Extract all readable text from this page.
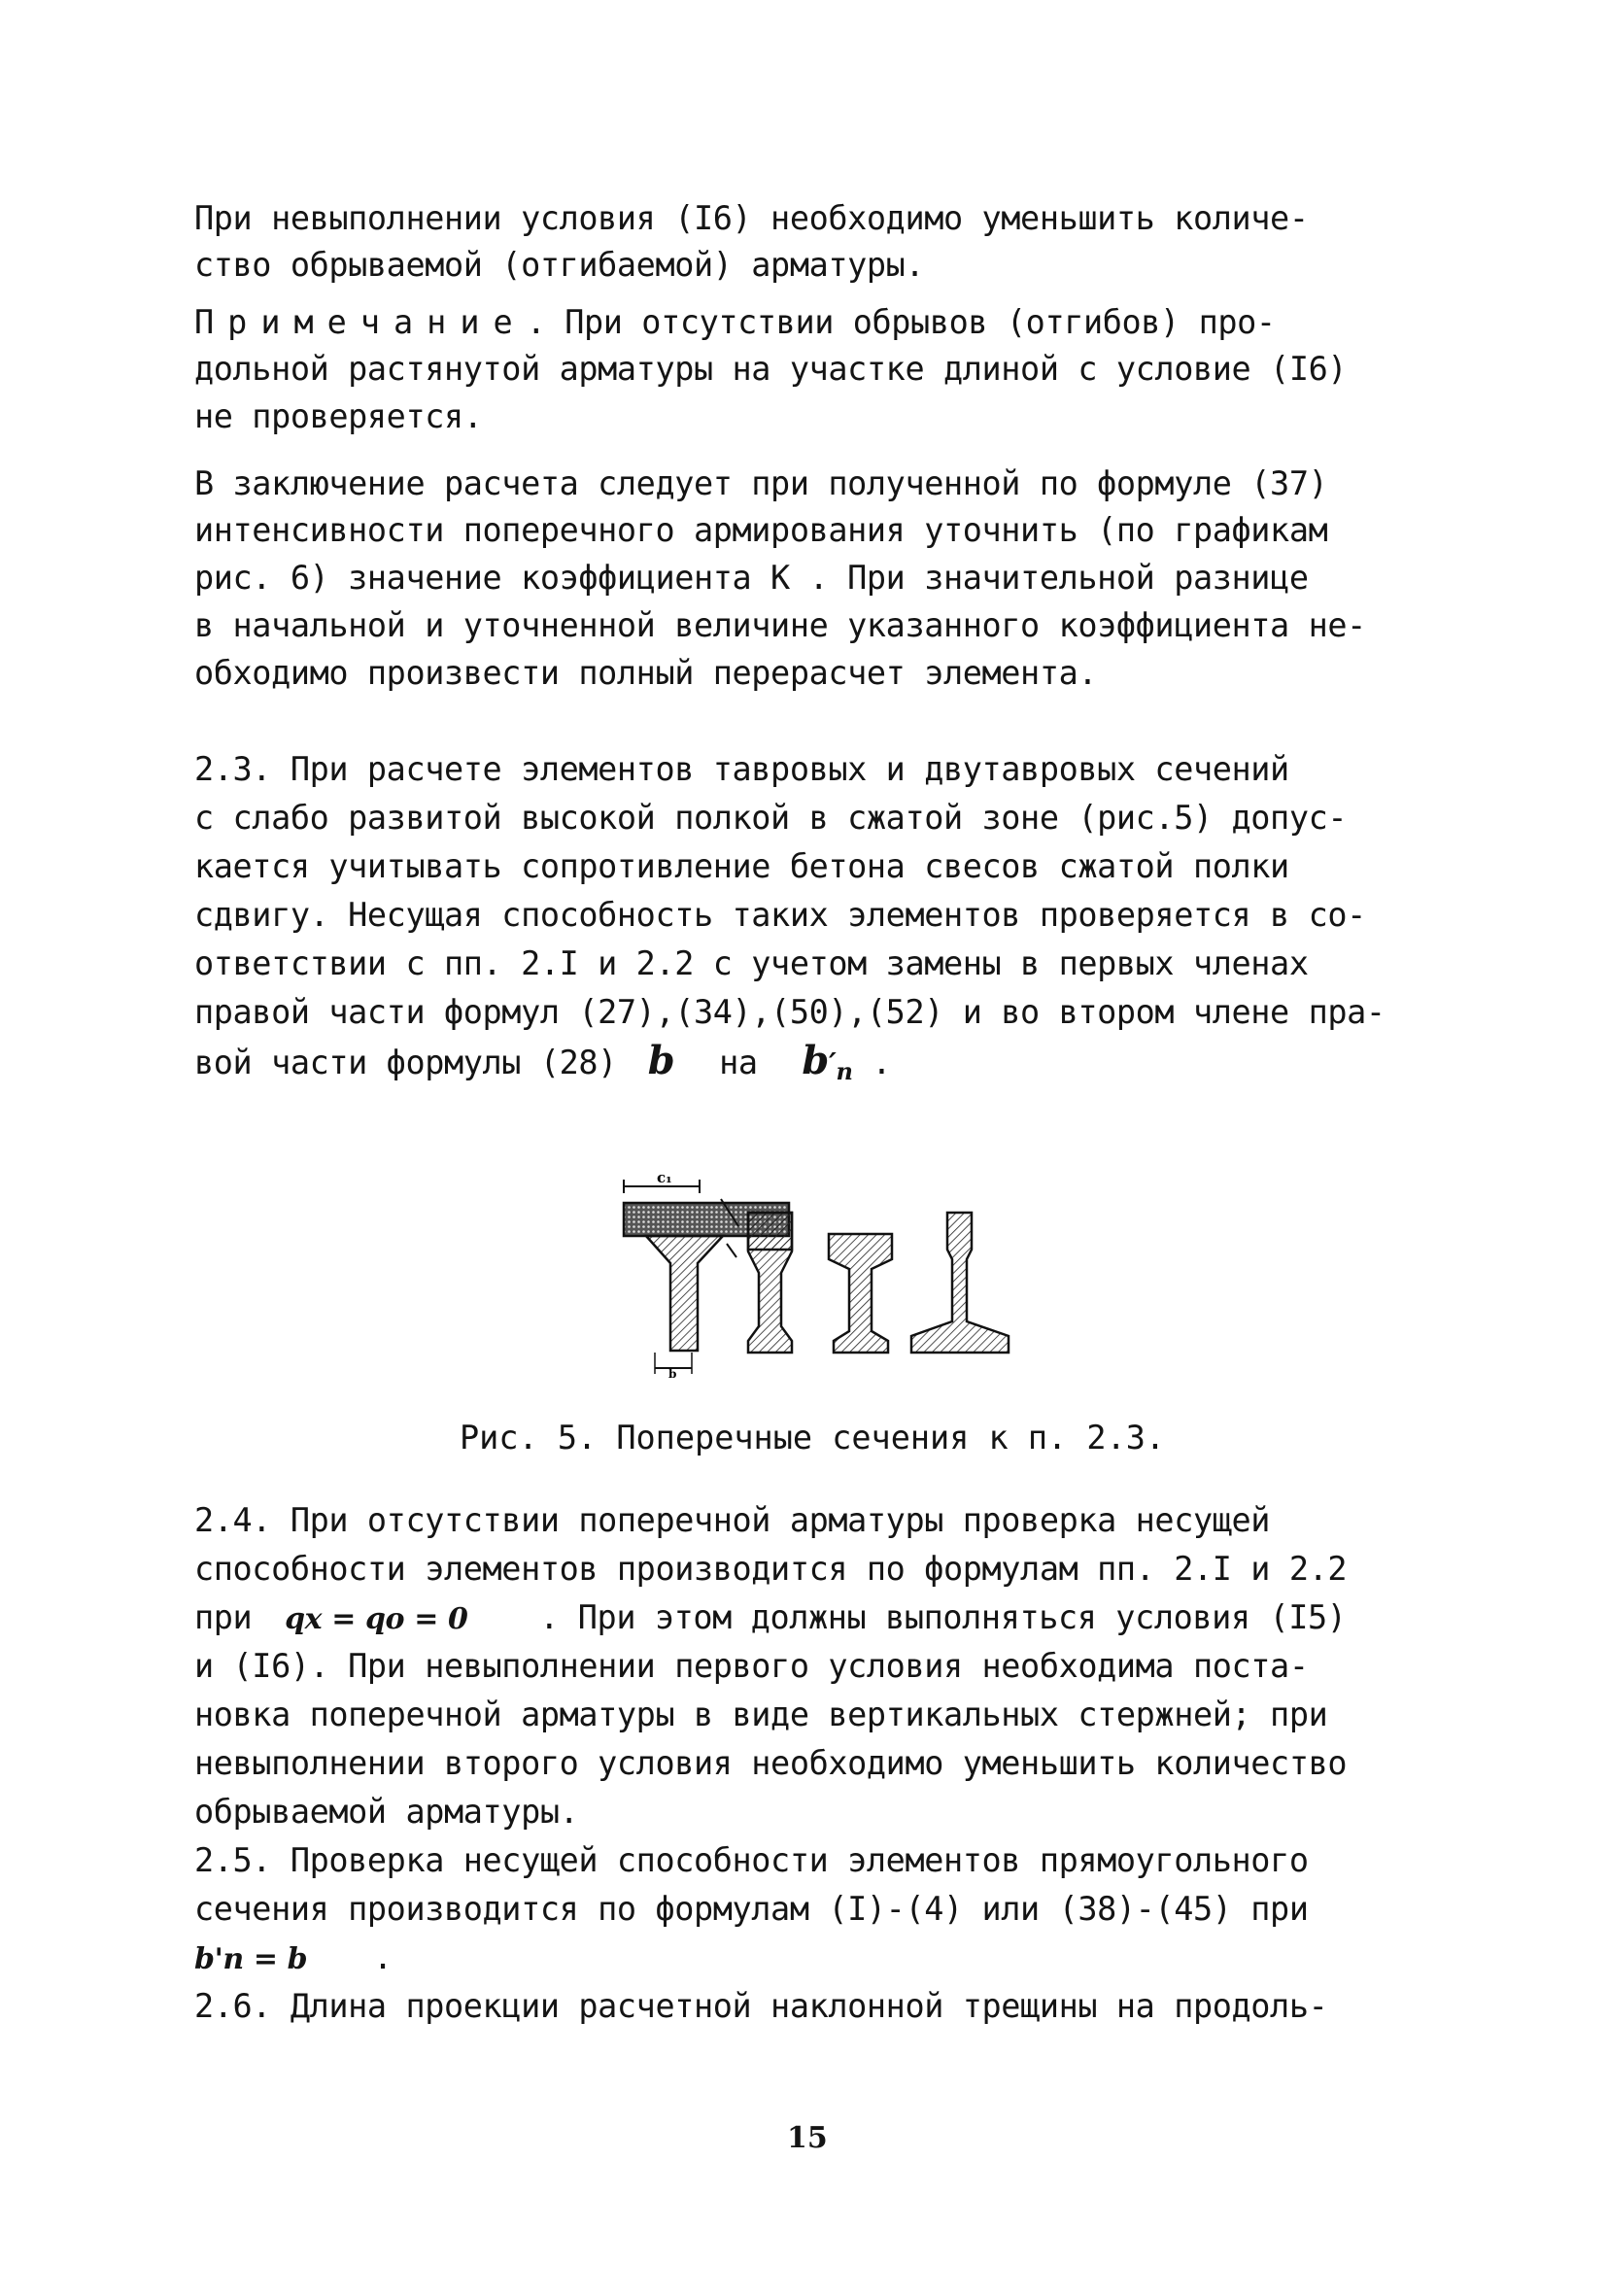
При невыполнении условия (I6) необходимо уменьшить количе-
ство обрываемой (отгибаемой) арматуры.
Примечание. При отсутствии обрывов (отгибов) про-
дольной растянутой арматуры на участке длиной с условие (I6)
не проверяется.
В заключение расчета следует при полученной по формуле (37)
интенсивности поперечного армирования уточнить (по графикам
рис. 6) значение коэффициента K . При значительной разнице
в начальной и уточненной величине указанного коэффициента не-
обходимо произвести полный перерасчет элемента.
2.3. При расчете элементов тавровых и двутавровых сечений
с слабо развитой высокой полкой в сжатой зоне (рис.5) допус-
кается учитывать сопротивление бетона свесов сжатой полки
сдвигу. Несущая способность таких элементов проверяется в со-
ответствии с пп. 2.I и 2.2 с учетом замены в первых членах
правой части формул (27),(34),(50),(52) и во втором члене пра-
вой части формулы (28) b на $b'_п$ .
c₁
b
Рис. 5. Поперечные сечения к п. 2.3.
2.4. При отсутствии поперечной арматуры проверка несущей
способности элементов производится по формулам пп. 2.I и 2.2
при qx = qo = 0 . При этом должны выполняться условия (I5)
и (I6). При невыполнении первого условия необходима поста-
новка поперечной арматуры в виде вертикальных стержней; при
невыполнении второго условия необходимо уменьшить количество
обрываемой арматуры.
2.5. Проверка несущей способности элементов прямоугольного
сечения производится по формулам (I)-(4) или (38)-(45) при
b'п = b .
2.6. Длина проекции расчетной наклонной трещины на продоль-
15
